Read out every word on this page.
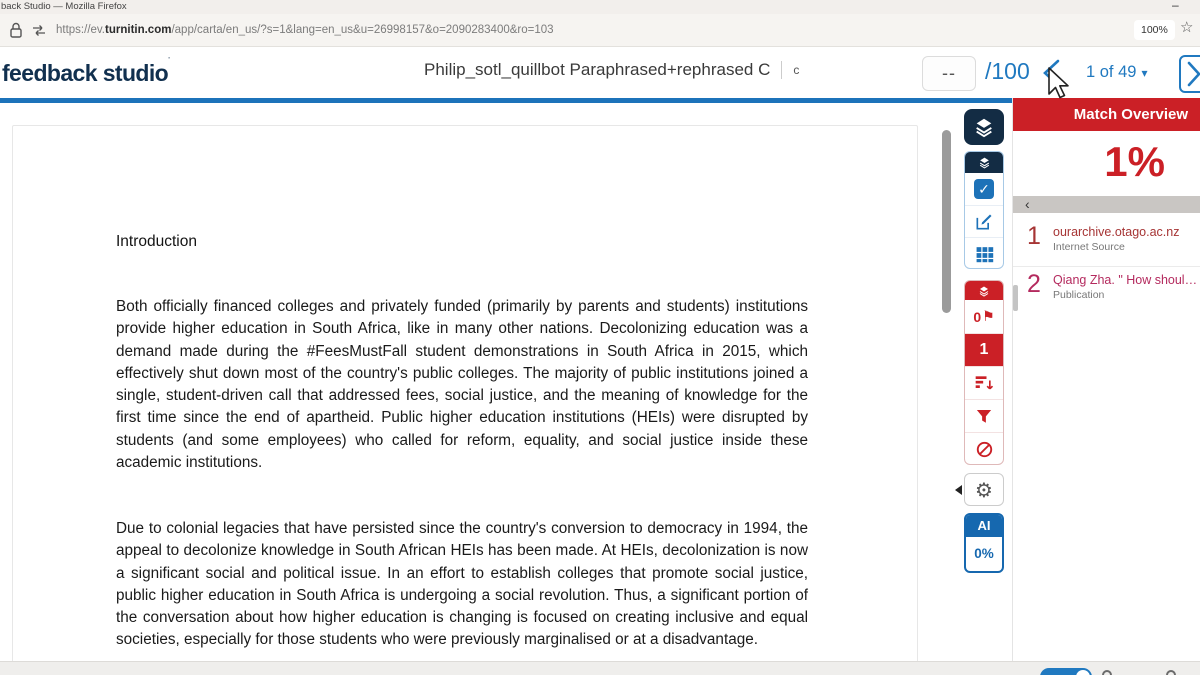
back Studio — Mozilla Firefox	–
https://ev.turnitin.com/app/carta/en_us/?s=1&lang=en_us&u=26998157&o=2090283400&ro=103	100% ☆
feedback studio’	Philip_sotl_quillbot Paraphrased+rephrased C c	--	/100	1 of 49 ▾
Introduction
Both officially financed colleges and privately funded (primarily by parents and students) institutions provide higher education in South Africa, like in many other nations. Decolonizing education was a demand made during the #FeesMustFall student demonstrations in South Africa in 2015, which effectively shut down most of the country's public colleges. The majority of public institutions joined a single, student-driven call that addressed fees, social justice, and the meaning of knowledge for the first time since the end of apartheid. Public higher education institutions (HEIs) were disrupted by students (and some employees) who called for reform, equality, and social justice inside these academic institutions.
Due to colonial legacies that have persisted since the country's conversion to democracy in 1994, the appeal to decolonize knowledge in South African HEIs has been made. At HEIs, decolonization is now a significant social and political issue. In an effort to establish colleges that promote social justice, public higher education in South Africa is undergoing a social revolution. Thus, a significant portion of the conversation about how higher education is changing is focused on creating inclusive and equal societies, especially for those students who were previously marginalised or at a disadvantage.
✓
0 ⚑
1
⚙
AI
0%
Match Overview
1%
‹
1 ourarchive.otago.ac.nz
Internet Source
2 Qiang Zha. " How shoul…
Publication
